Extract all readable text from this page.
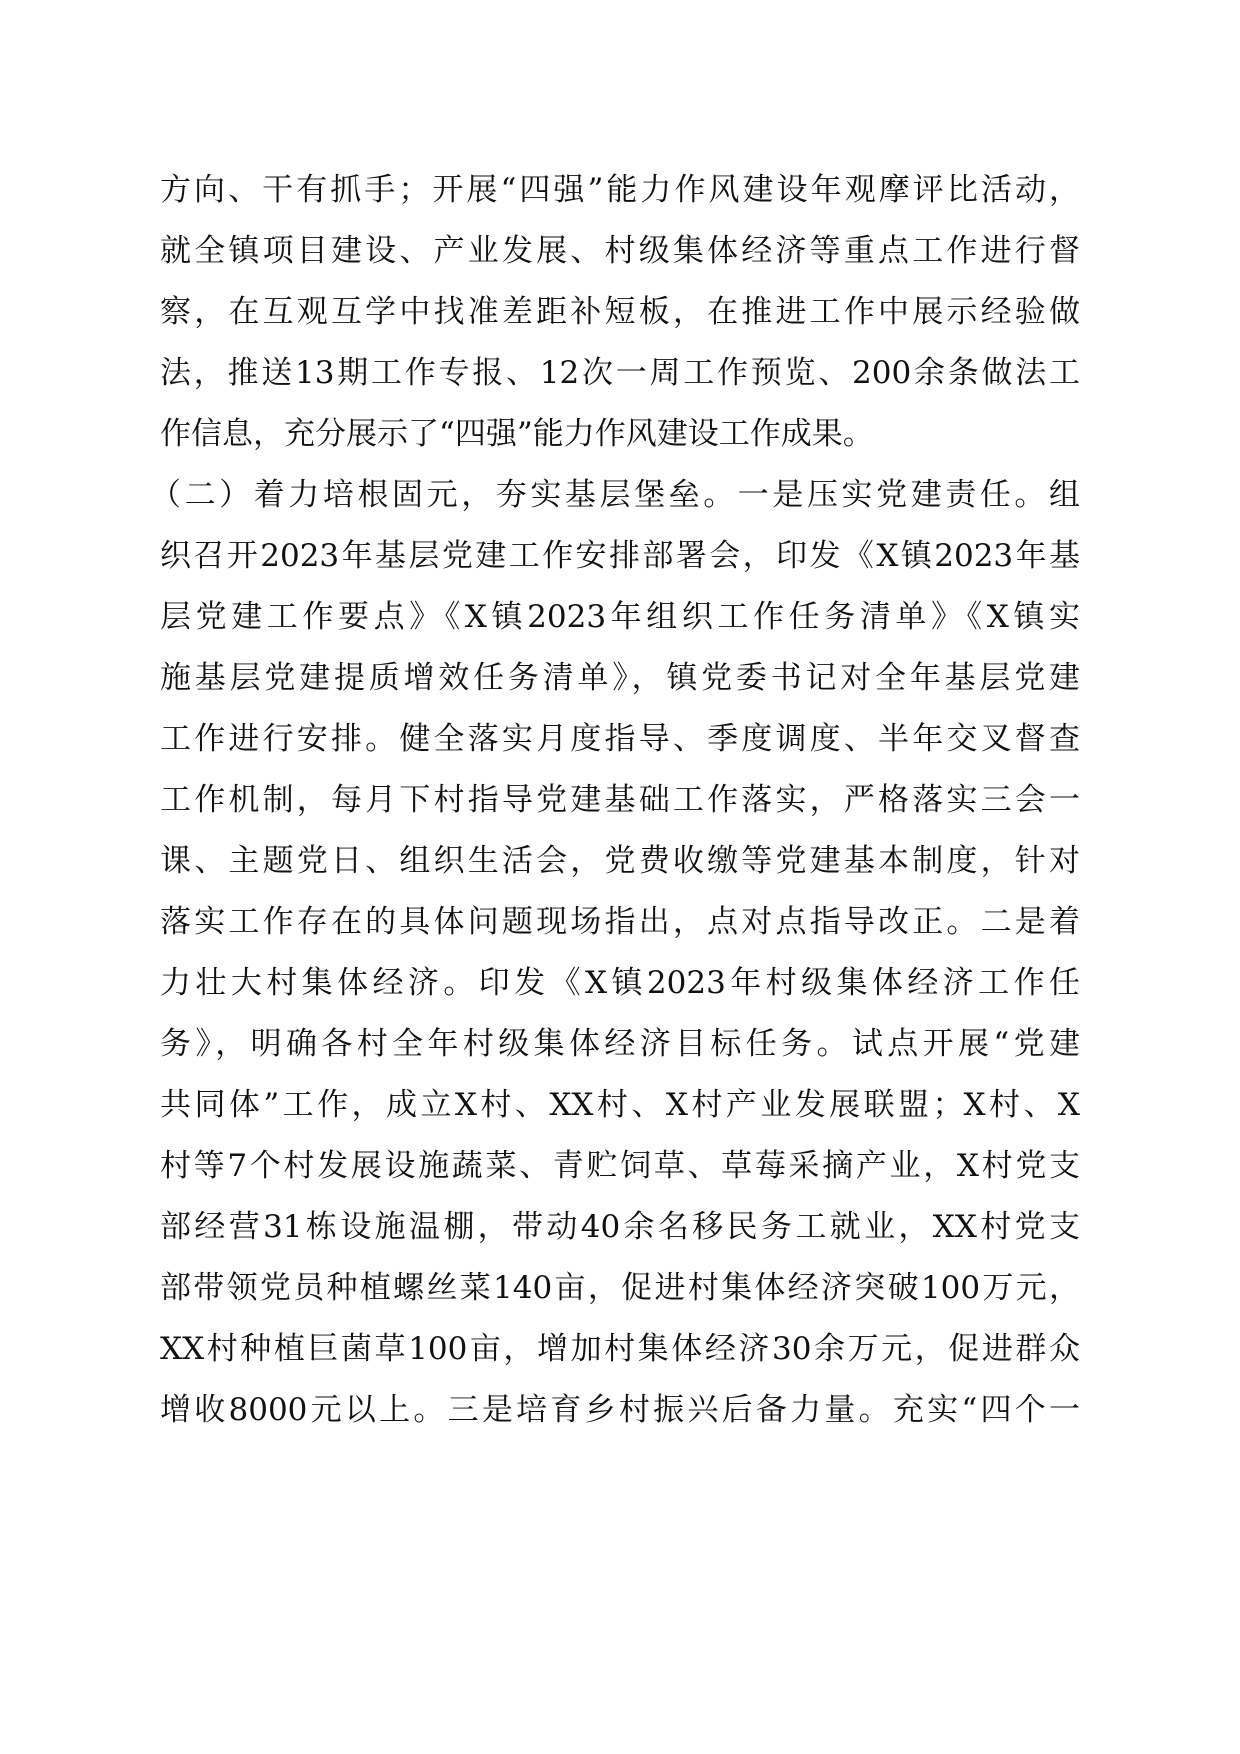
方向、干有抓手；开展“四强”能力作风建设年观摩评比活动，
就全镇项目建设、产业发展、村级集体经济等重点工作进行督
察，在互观互学中找准差距补短板，在推进工作中展示经验做
法，推送13期工作专报、12次一周工作预览、200余条做法工
作信息，充分展示了“四强”能力作风建设工作成果。
（二）着力培根固元，夯实基层堡垒。一是压实党建责任。组
织召开2023年基层党建工作安排部署会，印发《X镇2023年基
层党建工作要点》《X镇2023年组织工作任务清单》《X镇实
施基层党建提质增效任务清单》，镇党委书记对全年基层党建
工作进行安排。健全落实月度指导、季度调度、半年交叉督查
工作机制，每月下村指导党建基础工作落实，严格落实三会一
课、主题党日、组织生活会，党费收缴等党建基本制度，针对
落实工作存在的具体问题现场指出，点对点指导改正。二是着
力壮大村集体经济。印发《X镇2023年村级集体经济工作任
务》，明确各村全年村级集体经济目标任务。试点开展“党建
共同体”工作，成立X村、XX村、X村产业发展联盟；X村、X
村等7个村发展设施蔬菜、青贮饲草、草莓采摘产业，X村党支
部经营31栋设施温棚，带动40余名移民务工就业，XX村党支
部带领党员种植螺丝菜140亩，促进村集体经济突破100万元，
XX村种植巨菌草100亩，增加村集体经济30余万元，促进群众
增收8000元以上。三是培育乡村振兴后备力量。充实“四个一
